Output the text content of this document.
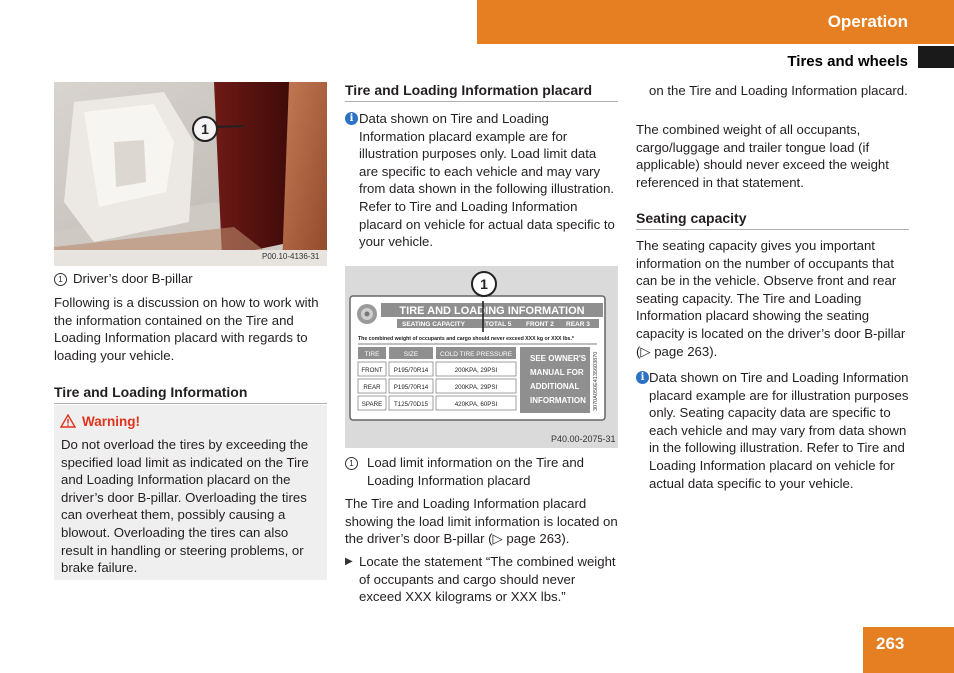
Operation
Tires and wheels
1
P00.10-4136-31
1 Driver’s door B-pillar
Following is a discussion on how to work with the information contained on the Tire and Loading Information placard with regards to loading your vehicle.
Tire and Loading Information
Warning!
Do not overload the tires by exceeding the specified load limit as indicated on the Tire and Loading Information placard on the driver’s door B-pillar. Overloading the tires can overheat them, possibly causing a blowout. Overloading the tires can also result in handling or steering problems, or brake failure.
Tire and Loading Information placard
i Data shown on Tire and Loading Information placard example are for illustration purposes only. Load limit data are specific to each vehicle and may vary from data shown in the following illustration. Refer to Tire and Loading Information placard on vehicle for actual data specific to your vehicle.
TIRE AND LOADING INFORMATION
SEATING CAPACITY	TOTAL 5 FRONT 2 REAR 3
The combined weight of occupants and cargo should never exceed XXX kg or XXX lbs.*
TIRE	SIZE	COLD TIRE PRESSURE
FRONT P195/70R14	200KPA, 29PSI
REAR P195/70R14	200KPA, 29PSI
SPARE T125/70D15	420KPA, 60PSI
SEE OWNER'S MANUAL FOR ADDITIONAL INFORMATION 3070A050E4135603870
1
P40.00-2075-31
1	Load limit information on the Tire and Loading Information placard
The Tire and Loading Information placard showing the load limit information is located on the driver’s door B-pillar (▷ page 263).
▶ Locate the statement “The combined weight of occupants and cargo should never exceed XXX kilograms or XXX lbs.”
on the Tire and Loading Information placard.
The combined weight of all occupants, cargo/luggage and trailer tongue load (if applicable) should never exceed the weight referenced in that statement.
Seating capacity
The seating capacity gives you important information on the number of occupants that can be in the vehicle. Observe front and rear seating capacity. The Tire and Loading Information placard showing the seating capacity is located on the driver’s door B-pillar (▷ page 263).
i Data shown on Tire and Loading Information placard example are for illustration purposes only. Seating capacity data are specific to each vehicle and may vary from data shown in the following illustration. Refer to Tire and Loading Information placard on vehicle for actual data specific to your vehicle.
263
